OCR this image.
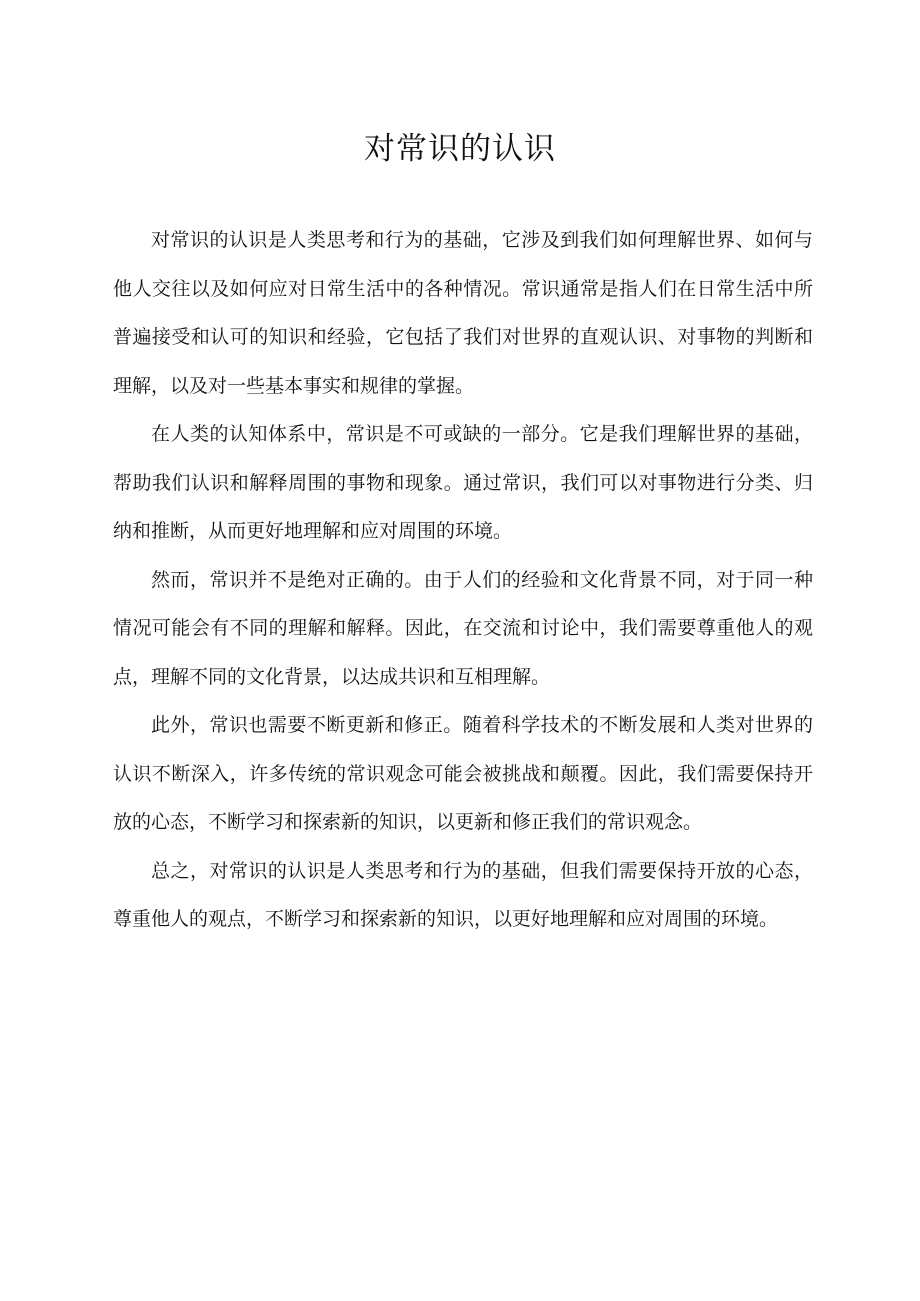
对常识的认识

对常识的认识是人类思考和行为的基础，它涉及到我们如何理解世界、如何与他人交往以及如何应对日常生活中的各种情况。常识通常是指人们在日常生活中所普遍接受和认可的知识和经验，它包括了我们对世界的直观认识、对事物的判断和理解，以及对一些基本事实和规律的掌握。

在人类的认知体系中，常识是不可或缺的一部分。它是我们理解世界的基础，帮助我们认识和解释周围的事物和现象。通过常识，我们可以对事物进行分类、归纳和推断，从而更好地理解和应对周围的环境。

然而，常识并不是绝对正确的。由于人们的经验和文化背景不同，对于同一种情况可能会有不同的理解和解释。因此，在交流和讨论中，我们需要尊重他人的观点，理解不同的文化背景，以达成共识和互相理解。

此外，常识也需要不断更新和修正。随着科学技术的不断发展和人类对世界的认识不断深入，许多传统的常识观念可能会被挑战和颠覆。因此，我们需要保持开放的心态，不断学习和探索新的知识，以更新和修正我们的常识观念。

总之，对常识的认识是人类思考和行为的基础，但我们需要保持开放的心态，尊重他人的观点，不断学习和探索新的知识，以更好地理解和应对周围的环境。
